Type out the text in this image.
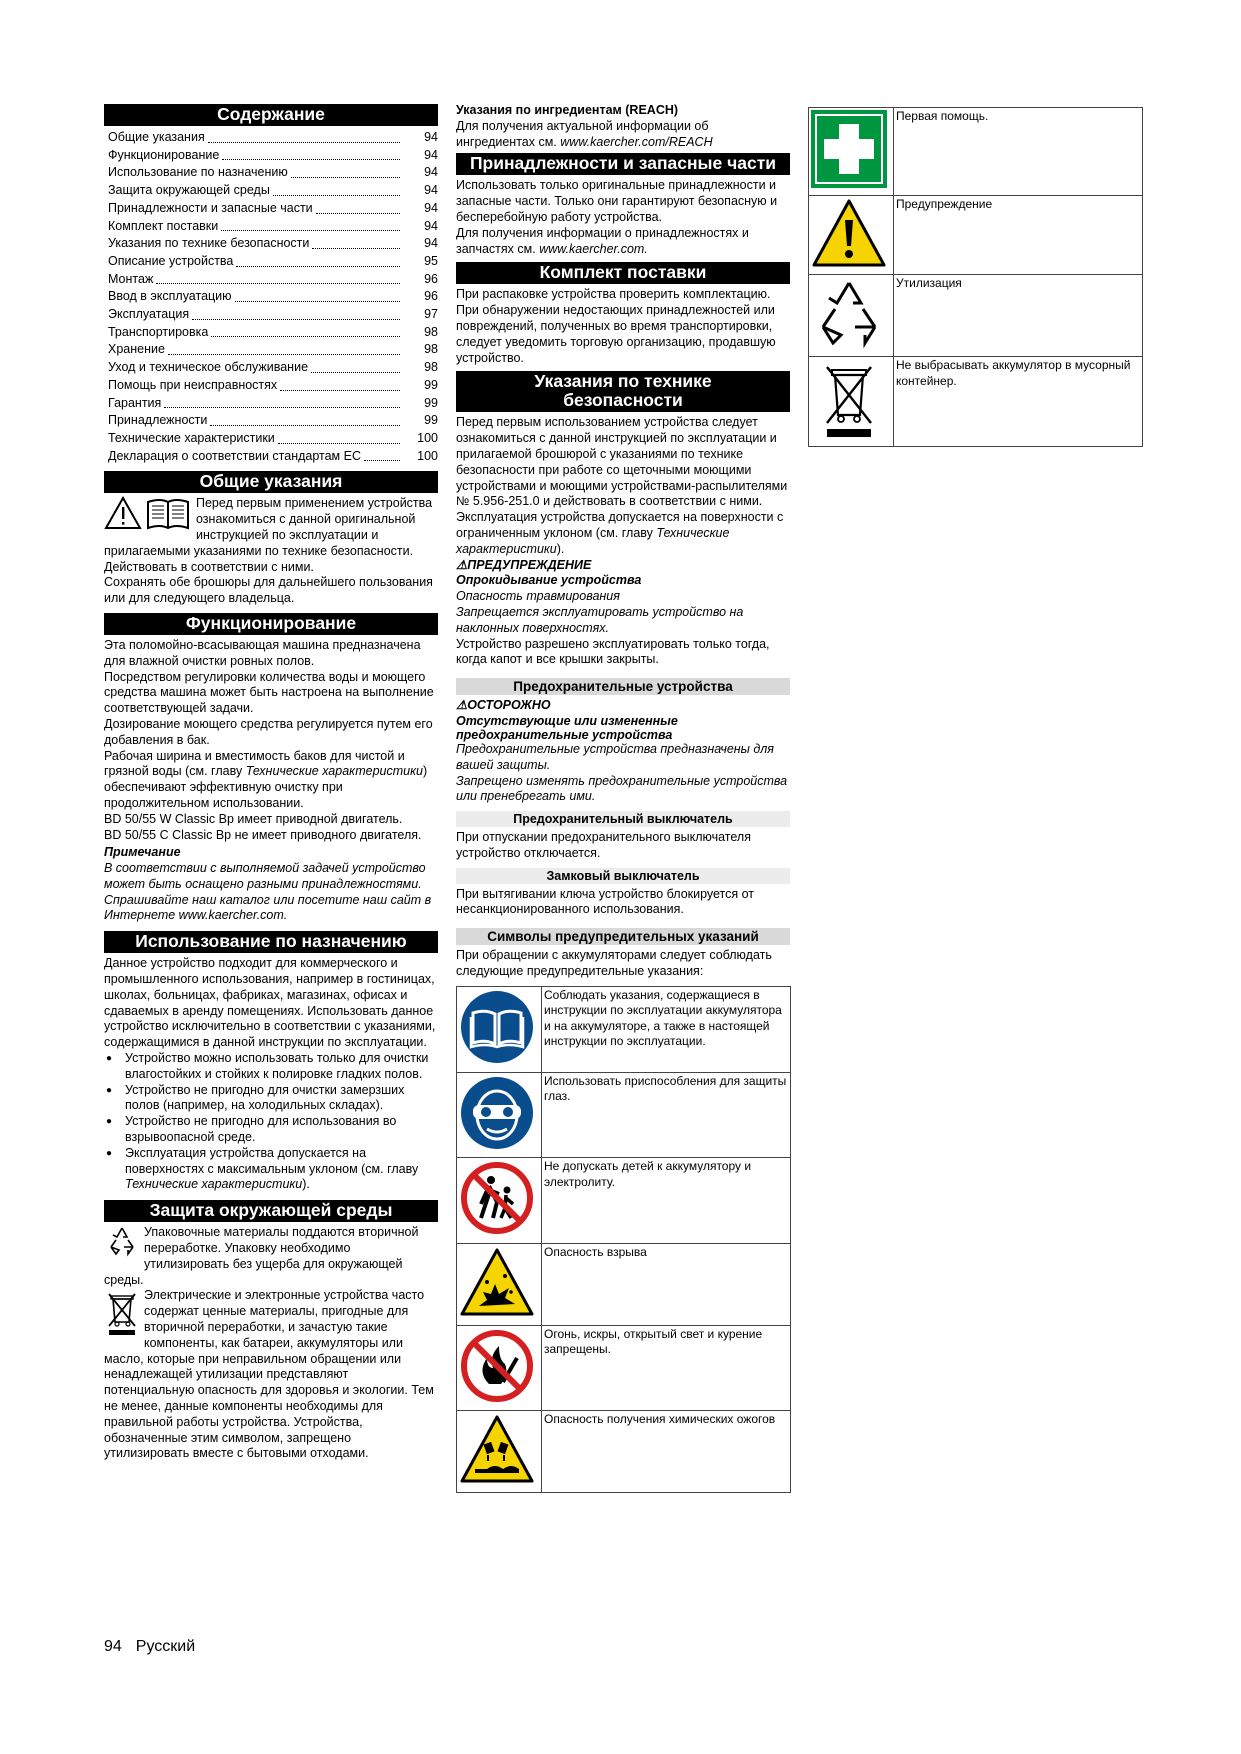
Содержание
Общие указания	94
Функционирование	94
Использование по назначению	94
Защита окружающей среды	94
Принадлежности и запасные части	94
Комплект поставки	94
Указания по технике безопасности	94
Описание устройства	95
Монтаж	96
Ввод в эксплуатацию	96
Эксплуатация	97
Транспортировка	98
Хранение	98
Уход и техническое обслуживание	98
Помощь при неисправностях	99
Гарантия	99
Принадлежности	99
Технические характеристики	100
Декларация о соответствии стандартам ЕС	100
Общие указания

Перед первым применением устройства ознакомиться с данной оригинальной инструкцией по эксплуатации и прилагаемыми указаниями по технике безопасности. Действовать в соответствии с ними.

Сохранять обе брошюры для дальнейшего пользования или для следующего владельца.

Функционирование

Эта поломойно-всасывающая машина предназначена для влажной очистки ровных полов.

Посредством регулировки количества воды и моющего средства машина может быть настроена на выполнение соответствующей задачи.

Дозирование моющего средства регулируется путем его добавления в бак.

Рабочая ширина и вместимость баков для чистой и грязной воды (см. главу Технические характеристики) обеспечивают эффективную очистку при продолжительном использовании.

BD 50/55 W Classic Bp имеет приводной двигатель.

BD 50/55 C Classic Bp не имеет приводного двигателя.

Примечание

В соответствии с выполняемой задачей устройство может быть оснащено разными принадлежностями. Спрашивайте наш каталог или посетите наш сайт в Интернете www.kaercher.com.

Использование по назначению

Данное устройство подходит для коммерческого и промышленного использования, например в гостиницах, школах, больницах, фабриках, магазинах, офисах и сдаваемых в аренду помещениях. Использовать данное устройство исключительно в соответствии с указаниями, содержащимися в данной инструкции по эксплуатации.

● Устройство можно использовать только для очистки влагостойких и стойких к полировке гладких полов.
● Устройство не пригодно для очистки замерзших полов (например, на холодильных складах).
● Устройство не пригодно для использования во взрывоопасной среде.
● Эксплуатация устройства допускается на поверхностях с максимальным уклоном (см. главу Технические характеристики).
Защита окружающей среды

Упаковочные материалы поддаются вторичной переработке. Упаковку необходимо утилизировать без ущерба для окружающей среды.

Электрические и электронные устройства часто содержат ценные материалы, пригодные для вторичной переработки, и зачастую такие компоненты, как батареи, аккумуляторы или масло, которые при неправильном обращении или ненадлежащей утилизации представляют потенциальную опасность для здоровья и экологии. Тем не менее, данные компоненты необходимы для правильной работы устройства. Устройства, обозначенные этим символом, запрещено утилизировать вместе с бытовыми отходами.

Указания по ингредиентам (REACH)

Для получения актуальной информации об ингредиентах см. www.kaercher.com/REACH

Принадлежности и запасные части

Использовать только оригинальные принадлежности и запасные части. Только они гарантируют безопасную и бесперебойную работу устройства.

Для получения информации о принадлежностях и запчастях см. www.kaercher.com.

Комплект поставки

При распаковке устройства проверить комплектацию. При обнаружении недостающих принадлежностей или повреждений, полученных во время транспортировки, следует уведомить торговую организацию, продавшую устройство.

Указания по технике безопасности

Перед первым использованием устройства следует ознакомиться с данной инструкцией по эксплуатации и прилагаемой брошюрой с указаниями по технике безопасности при работе со щеточными моющими устройствами и моющими устройствами-распылителями № 5.956-251.0 и действовать в соответствии с ними.

Эксплуатация устройства допускается на поверхности с ограниченным уклоном (см. главу Технические характеристики).

⚠ПРЕДУПРЕЖДЕНИЕ

Опрокидывание устройства

Опасность травмирования

Запрещается эксплуатировать устройство на наклонных поверхностях.

Устройство разрешено эксплуатировать только тогда, когда капот и все крышки закрыты.

Предохранительные устройства

⚠ОСТОРОЖНО

Отсутствующие или измененные предохранительные устройства

Предохранительные устройства предназначены для вашей защиты.

Запрещено изменять предохранительные устройства или пренебрегать ими.

Предохранительный выключатель

При отпускании предохранительного выключателя устройство отключается.

Замковый выключатель

При вытягивании ключа устройство блокируется от несанкционированного использования.

Символы предупредительных указаний

При обращении с аккумуляторами следует соблюдать следующие предупредительные указания:

	Соблюдать указания, содержащиеся в инструкции по эксплуатации аккумулятора и на аккумуляторе, а также в настоящей инструкции по эксплуатации.
	Использовать приспособления для защиты глаз.
	Не допускать детей к аккумулятору и электролиту.
	Опасность взрыва
	Огонь, искры, открытый свет и курение запрещены.
	Опасность получения химических ожогов
	Первая помощь.
	Предупреждение
	Утилизация
	Не выбрасывать аккумулятор в мусорный контейнер.
94 Русский
